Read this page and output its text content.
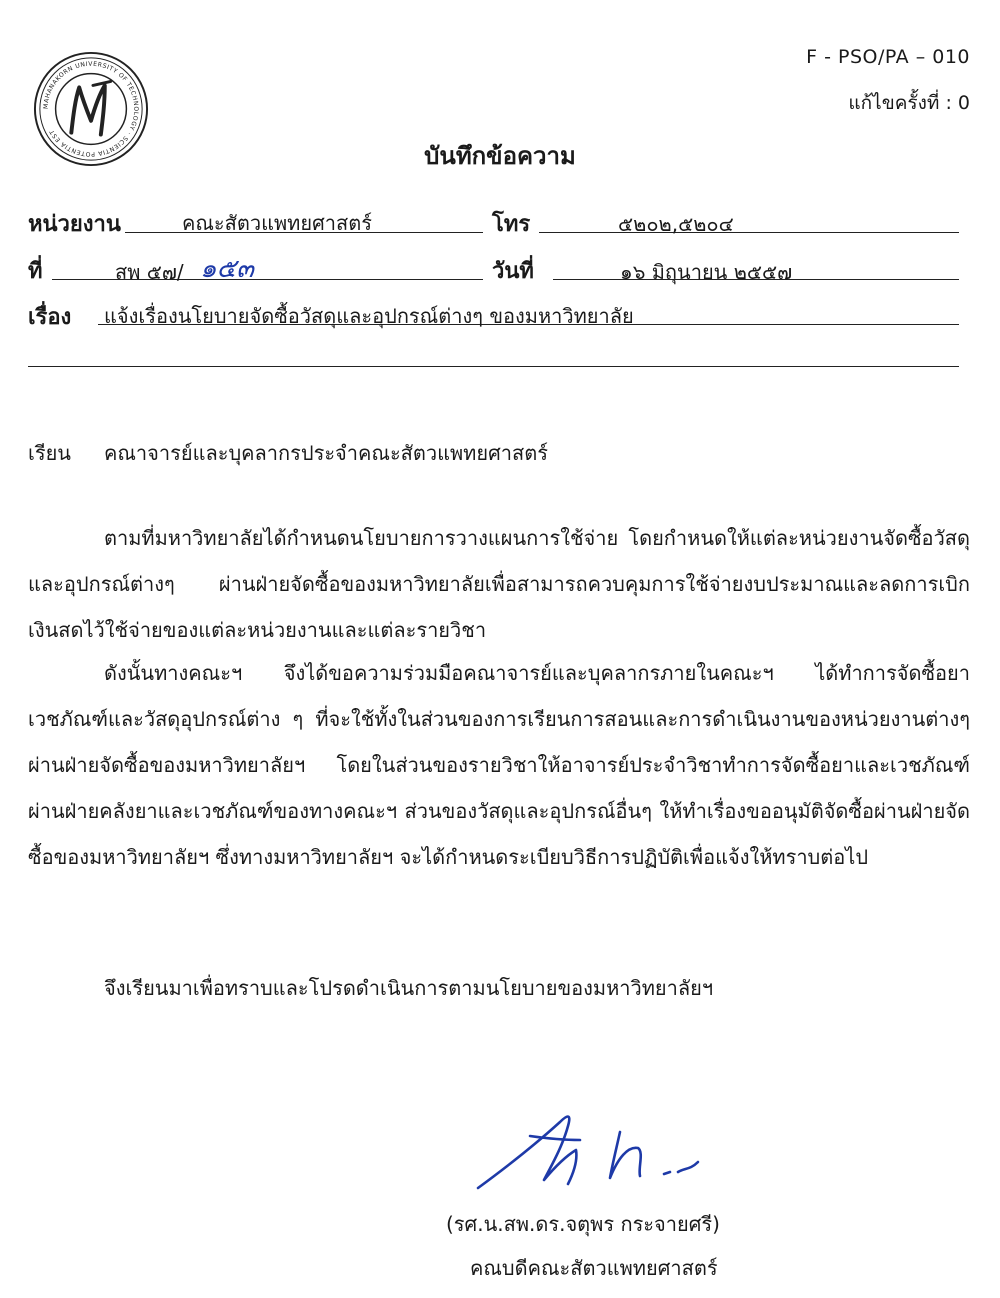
MAHANAKORN UNIVERSITY OF TECHNOLOGY · SCIENTIA POTENTIA EST
F - PSO/PA – 010
แก้ไขครั้งที่ : 0
บันทึกข้อความ
หน่วยงาน	คณะสัตวแพทยศาสตร์	โทร	๕๒๐๒,๕๒๐๔
ที่	สพ ๕๗/ ๑๕๓	วันที่	๑๖ มิถุนายน ๒๕๕๗
เรื่อง แจ้งเรื่องนโยบายจัดซื้อวัสดุและอุปกรณ์ต่างๆ ของมหาวิทยาลัย
เรียน คณาจารย์และบุคลากรประจำคณะสัตวแพทยศาสตร์
ตามที่มหาวิทยาลัยได้กำหนดนโยบายการวางแผนการใช้จ่าย โดยกำหนดให้แต่ละหน่วยงานจัดซื้อวัสดุและอุปกรณ์ต่างๆ ผ่านฝ่ายจัดซื้อของมหาวิทยาลัยเพื่อสามารถควบคุมการใช้จ่ายงบประมาณและลดการเบิกเงินสดไว้ใช้จ่ายของแต่ละหน่วยงานและแต่ละรายวิชา
ดังนั้นทางคณะฯ จึงได้ขอความร่วมมือคณาจารย์และบุคลากรภายในคณะฯ ได้ทำการจัดซื้อยาเวชภัณฑ์และวัสดุอุปกรณ์ต่าง ๆ ที่จะใช้ทั้งในส่วนของการเรียนการสอนและการดำเนินงานของหน่วยงานต่างๆ ผ่านฝ่ายจัดซื้อของมหาวิทยาลัยฯ โดยในส่วนของรายวิชาให้อาจารย์ประจำวิชาทำการจัดซื้อยาและเวชภัณฑ์ผ่านฝ่ายคลังยาและเวชภัณฑ์ของทางคณะฯ ส่วนของวัสดุและอุปกรณ์อื่นๆ ให้ทำเรื่องขออนุมัติจัดซื้อผ่านฝ่ายจัดซื้อของมหาวิทยาลัยฯ ซึ่งทางมหาวิทยาลัยฯ จะได้กำหนดระเบียบวิธีการปฏิบัติเพื่อแจ้งให้ทราบต่อไป
จึงเรียนมาเพื่อทราบและโปรดดำเนินการตามนโยบายของมหาวิทยาลัยฯ
(รศ.น.สพ.ดร.จตุพร กระจายศรี)
คณบดีคณะสัตวแพทยศาสตร์
